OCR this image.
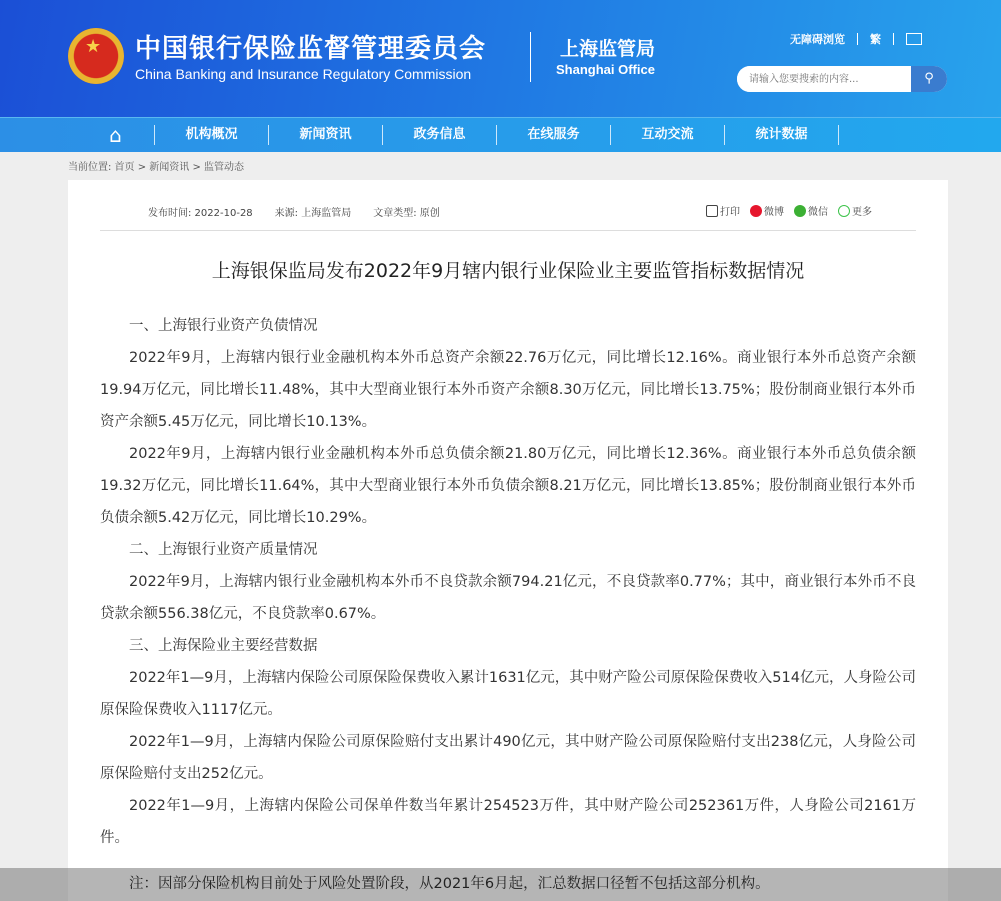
★
中国银行保险监督管理委员会
China Banking and Insurance Regulatory Commission
上海监管局
Shanghai Office
无障碍浏览 繁
请输入您要搜索的内容...
⚲
⌂	机构概况	新闻资讯	政务信息	在线服务	互动交流	统计数据
当前位置: 首页 > 新闻资讯 > 监管动态
发布时间: 2022-10-28 来源: 上海监管局 文章类型: 原创	打印	微博	微信	更多
上海银保监局发布2022年9月辖内银行业保险业主要监管指标数据情况

一、上海银行业资产负债情况

2022年9月，上海辖内银行业金融机构本外币总资产余额22.76万亿元，同比增长12.16%。商业银行本外币总资产余额19.94万亿元，同比增长11.48%，其中大型商业银行本外币资产余额8.30万亿元，同比增长13.75%；股份制商业银行本外币资产余额5.45万亿元，同比增长10.13%。

2022年9月，上海辖内银行业金融机构本外币总负债余额21.80万亿元，同比增长12.36%。商业银行本外币总负债余额19.32万亿元，同比增长11.64%，其中大型商业银行本外币负债余额8.21万亿元，同比增长13.85%；股份制商业银行本外币负债余额5.42万亿元，同比增长10.29%。

二、上海银行业资产质量情况

2022年9月，上海辖内银行业金融机构本外币不良贷款余额794.21亿元，不良贷款率0.77%；其中，商业银行本外币不良贷款余额556.38亿元，不良贷款率0.67%。

三、上海保险业主要经营数据

2022年1—9月，上海辖内保险公司原保险保费收入累计1631亿元，其中财产险公司原保险保费收入514亿元，人身险公司原保险保费收入1117亿元。

2022年1—9月，上海辖内保险公司原保险赔付支出累计490亿元，其中财产险公司原保险赔付支出238亿元，人身险公司原保险赔付支出252亿元。

2022年1—9月，上海辖内保险公司保单件数当年累计254523万件，其中财产险公司252361万件，人身险公司2161万件。

注：因部分保险机构目前处于风险处置阶段，从2021年6月起，汇总数据口径暂不包括这部分机构。
